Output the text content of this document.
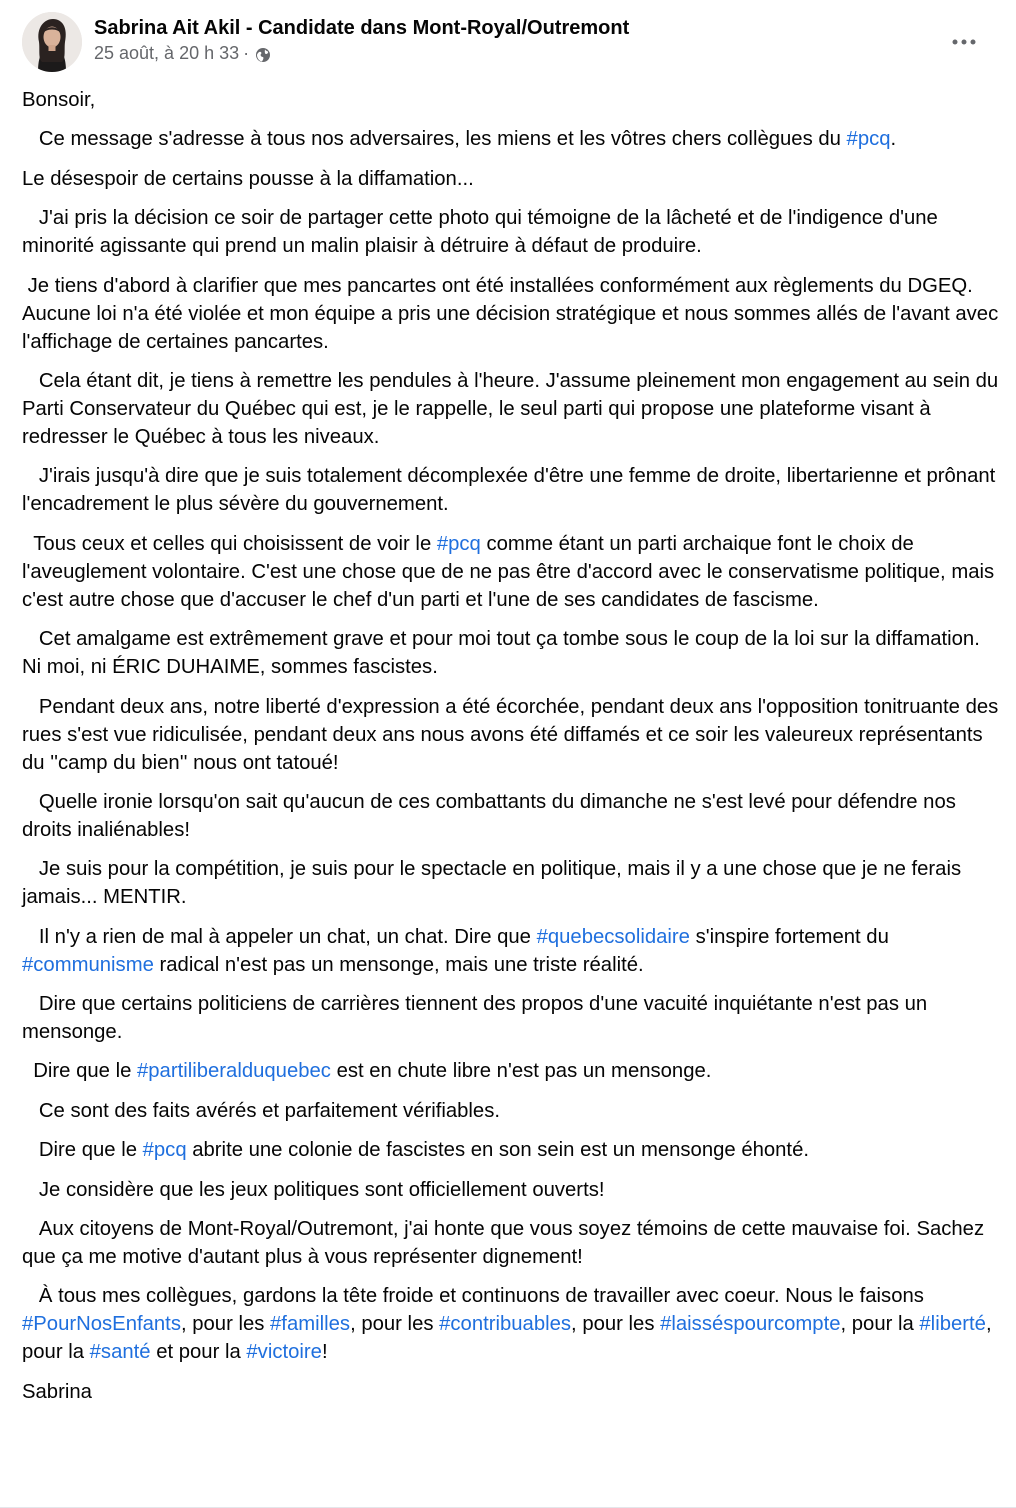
Sabrina Ait Akil - Candidate dans Mont-Royal/Outremont
25 août, à 20 h 33 ·

Bonsoir,

Ce message s'adresse à tous nos adversaires, les miens et les vôtres chers collègues du #pcq.

Le désespoir de certains pousse à la diffamation...

J'ai pris la décision ce soir de partager cette photo qui témoigne de la lâcheté et de l'indigence d'une minorité agissante qui prend un malin plaisir à détruire à défaut de produire.

Je tiens d'abord à clarifier que mes pancartes ont été installées conformément aux règlements du DGEQ. Aucune loi n'a été violée et mon équipe a pris une décision stratégique et nous sommes allés de l'avant avec l'affichage de certaines pancartes.

Cela étant dit, je tiens à remettre les pendules à l'heure. J'assume pleinement mon engagement au sein du Parti Conservateur du Québec qui est, je le rappelle, le seul parti qui propose une plateforme visant à redresser le Québec à tous les niveaux.

J'irais jusqu'à dire que je suis totalement décomplexée d'être une femme de droite, libertarienne et prônant l'encadrement le plus sévère du gouvernement.

Tous ceux et celles qui choisissent de voir le #pcq comme étant un parti archaique font le choix de l'aveuglement volontaire. C'est une chose que de ne pas être d'accord avec le conservatisme politique, mais c'est autre chose que d'accuser le chef d'un parti et l'une de ses candidates de fascisme.

Cet amalgame est extrêmement grave et pour moi tout ça tombe sous le coup de la loi sur la diffamation. Ni moi, ni ÉRIC DUHAIME, sommes fascistes.

Pendant deux ans, notre liberté d'expression a été écorchée, pendant deux ans l'opposition tonitruante des rues s'est vue ridiculisée, pendant deux ans nous avons été diffamés et ce soir les valeureux représentants du ''camp du bien'' nous ont tatoué!

Quelle ironie lorsqu'on sait qu'aucun de ces combattants du dimanche ne s'est levé pour défendre nos droits inaliénables!

Je suis pour la compétition, je suis pour le spectacle en politique, mais il y a une chose que je ne ferais jamais... MENTIR.

Il n'y a rien de mal à appeler un chat, un chat. Dire que #quebecsolidaire s'inspire fortement du #communisme radical n'est pas un mensonge, mais une triste réalité.

Dire que certains politiciens de carrières tiennent des propos d'une vacuité inquiétante n'est pas un mensonge.

Dire que le #partiliberalduquebec est en chute libre n'est pas un mensonge.

Ce sont des faits avérés et parfaitement vérifiables.

Dire que le #pcq abrite une colonie de fascistes en son sein est un mensonge éhonté.

Je considère que les jeux politiques sont officiellement ouverts!

Aux citoyens de Mont-Royal/Outremont, j'ai honte que vous soyez témoins de cette mauvaise foi. Sachez que ça me motive d'autant plus à vous représenter dignement!

À tous mes collègues, gardons la tête froide et continuons de travailler avec coeur. Nous le faisons #PourNosEnfants, pour les #familles, pour les #contribuables, pour les #laisséspourcompte, pour la #liberté, pour la #santé et pour la #victoire!

Sabrina
